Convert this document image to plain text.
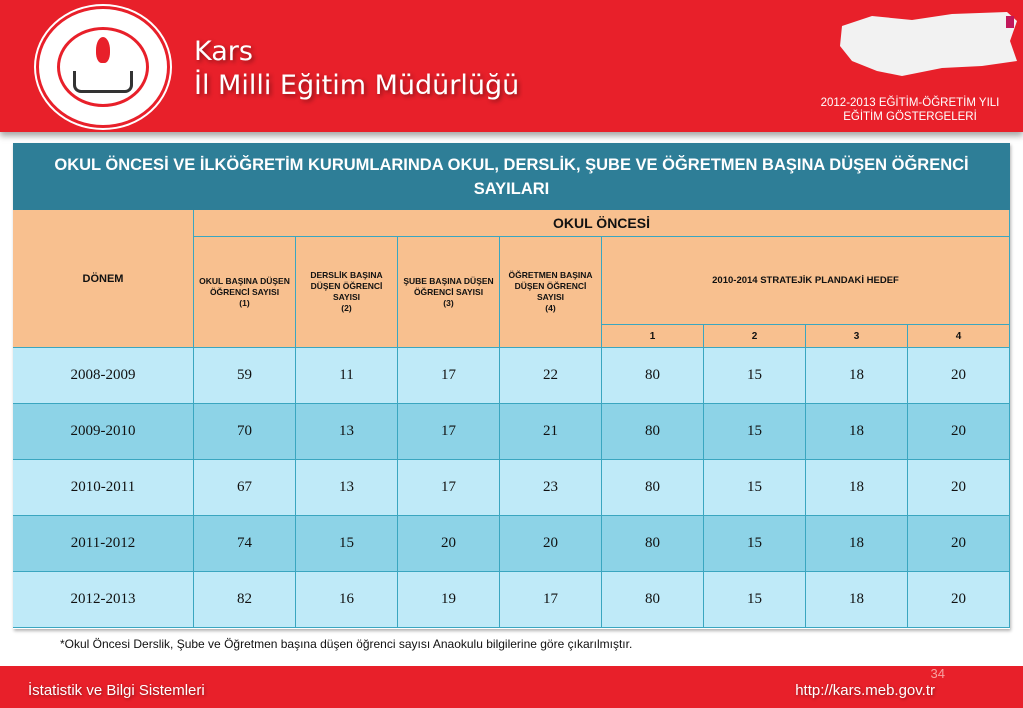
Kars
İl Milli Eğitim Müdürlüğü
2012-2013 EĞİTİM-ÖĞRETİM YILI
EĞİTİM GÖSTERGELERİ
OKUL ÖNCESİ VE İLKÖĞRETİM KURUMLARINDA OKUL, DERSLİK, ŞUBE VE ÖĞRETMEN BAŞINA DÜŞEN ÖĞRENCİ SAYILARI
DÖNEM
OKUL ÖNCESİ
OKUL BAŞINA DÜŞEN ÖĞRENCİ SAYISI
(1)
DERSLİK BAŞINA DÜŞEN ÖĞRENCİ SAYISI
(2)
ŞUBE BAŞINA DÜŞEN ÖĞRENCİ SAYISI
(3)
ÖĞRETMEN BAŞINA DÜŞEN ÖĞRENCİ SAYISI
(4)
2010-2014 STRATEJİK PLANDAKİ HEDEF
1	2	3	4
2008-2009	59	11	17	22	80	15	18	20
2009-2010	70	13	17	21	80	15	18	20
2010-2011	67	13	17	23	80	15	18	20
2011-2012	74	15	20	20	80	15	18	20
2012-2013	82	16	19	17	80	15	18	20
*Okul Öncesi Derslik, Şube ve Öğretmen başına düşen öğrenci sayısı Anaokulu bilgilerine göre çıkarılmıştır.
34
İstatistik ve Bilgi Sistemleri	http://kars.meb.gov.tr
